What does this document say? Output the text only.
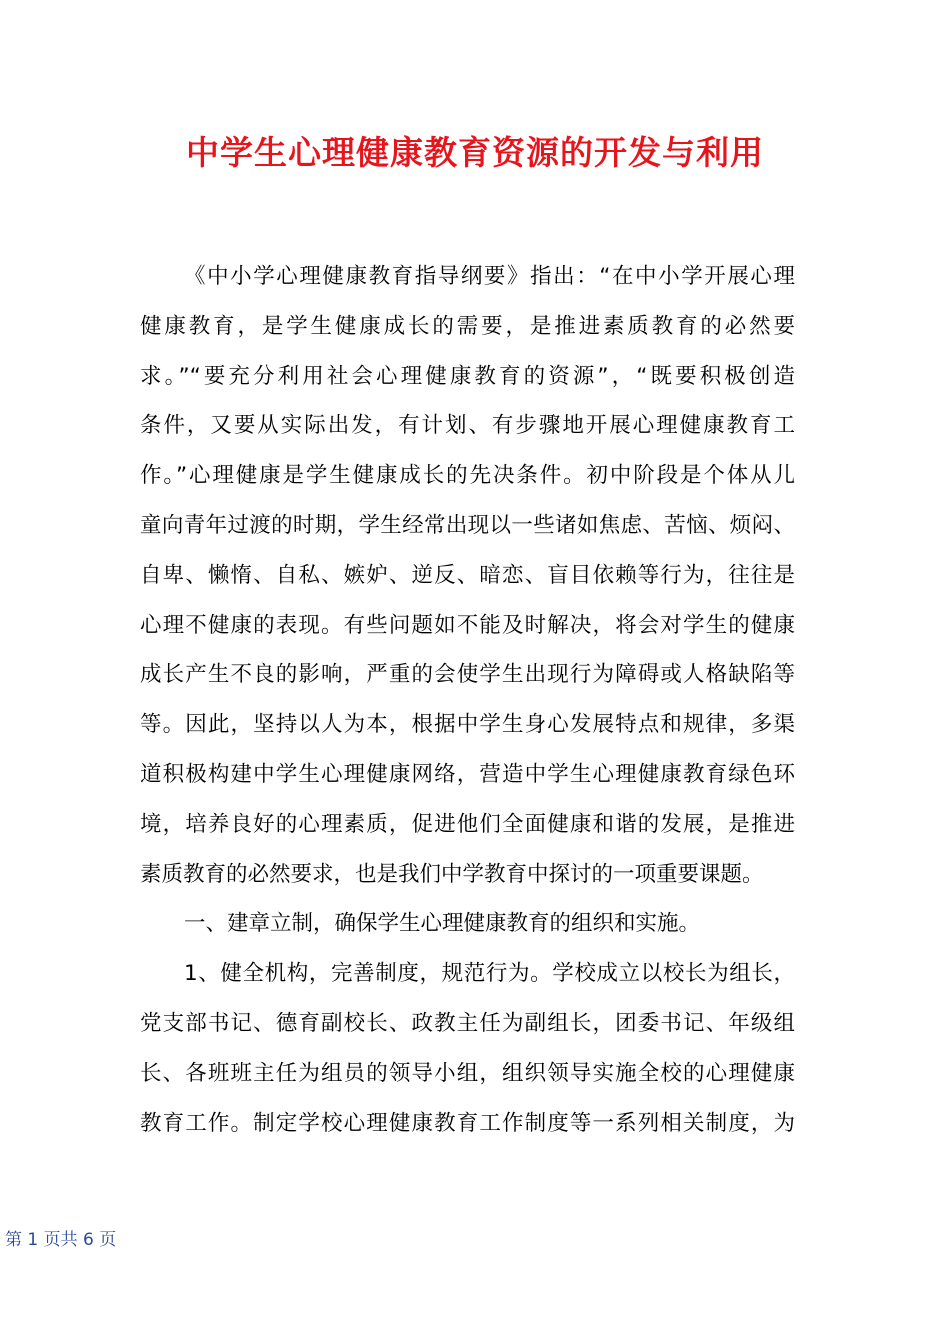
中学生心理健康教育资源的开发与利用
《中小学心理健康教育指导纲要》指出：“在中小学开展心理
健康教育，是学生健康成长的需要，是推进素质教育的必然要
求。”“要充分利用社会心理健康教育的资源”，“既要积极创造
条件，又要从实际出发，有计划、有步骤地开展心理健康教育工
作。”心理健康是学生健康成长的先决条件。初中阶段是个体从儿
童向青年过渡的时期，学生经常出现以一些诸如焦虑、苦恼、烦闷、
自卑、懒惰、自私、嫉妒、逆反、暗恋、盲目依赖等行为，往往是
心理不健康的表现。有些问题如不能及时解决，将会对学生的健康
成长产生不良的影响，严重的会使学生出现行为障碍或人格缺陷等
等。因此，坚持以人为本，根据中学生身心发展特点和规律，多渠
道积极构建中学生心理健康网络，营造中学生心理健康教育绿色环
境，培养良好的心理素质，促进他们全面健康和谐的发展，是推进
素质教育的必然要求，也是我们中学教育中探讨的一项重要课题。
一、建章立制，确保学生心理健康教育的组织和实施。
1、健全机构，完善制度，规范行为。学校成立以校长为组长，
党支部书记、德育副校长、政教主任为副组长，团委书记、年级组
长、各班班主任为组员的领导小组，组织领导实施全校的心理健康
教育工作。制定学校心理健康教育工作制度等一系列相关制度，为
第 1 页共 6 页
